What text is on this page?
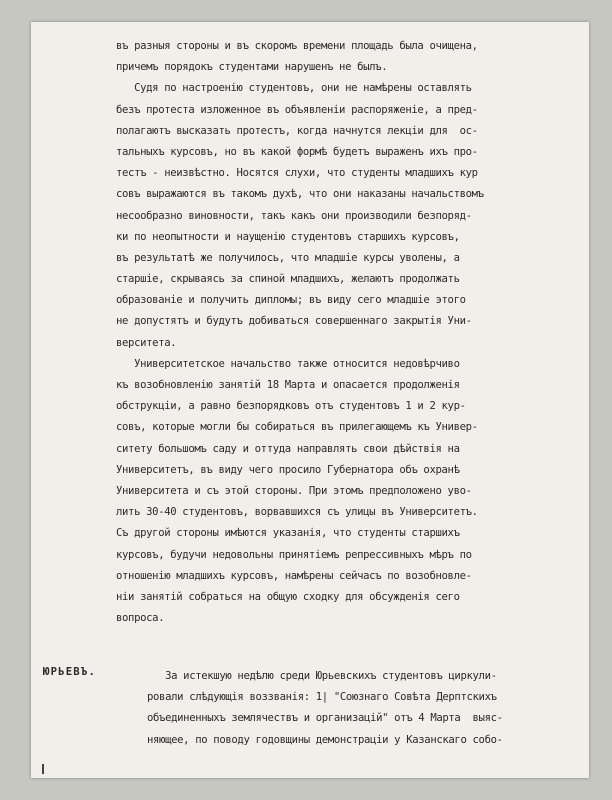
въ разныя стороны и въ скоромъ времени площадь была очищена,
причемъ порядокъ студентами нарушенъ не былъ.
Судя по настроенію студентовъ, они не намѣрены оставлять
безъ протеста изложенное въ объявленіи распоряженіе, а пред-
полагаютъ высказать протестъ, когда начнутся лекціи для  ос-
тальныхъ курсовъ, но въ какой формѣ будетъ выраженъ ихъ про-
тестъ - неизвѣстно. Носятся слухи, что студенты младшихъ кур
совъ выражаются въ такомъ духѣ, что они наказаны начальствомъ
несообразно виновности, такъ какъ они производили безпоряд-
ки по неопытности и наущенію студентовъ старшихъ курсовъ,
въ результатѣ же получилось, что младшіе курсы уволены, а
старшіе, скрываясь за спиной младшихъ, желаютъ продолжать
образованіе и получить дипломы; въ виду сего младшіе этого
не допустятъ и будутъ добиваться совершеннаго закрытія Уни-
верситета.
Университетское начальство также относится недовѣрчиво
къ возобновленію занятій 18 Марта и опасается продолженія
обструкціи, а равно безпорядковъ отъ студентовъ 1 и 2 кур-
совъ, которые могли бы собираться въ прилегающемъ къ Универ-
ситету большомъ саду и оттуда направлять свои дѣйствія на
Университетъ, въ виду чего просило Губернатора объ охранѣ
Университета и съ этой стороны. При этомъ предположено уво-
лить 30-40 студентовъ, ворвавшихся съ улицы въ Университетъ.
Съ другой стороны имѣются указанія, что студенты старшихъ
курсовъ, будучи недовольны принятіемъ репрессивныхъ мѣръ по
отношенію младшихъ курсовъ, намѣрены сейчасъ по возобновле-
ніи занятій собраться на общую сходку для обсужденія сего
вопроса.
ЮРЬЕВЪ.	За истекшую недѣлю среди Юрьевскихъ студентовъ циркули-
ровали слѣдующія воззванія: 1| "Союзнаго Совѣта Дерптскихъ
объединенныхъ землячествъ и организацій" отъ 4 Марта  выяс-
няющее, по поводу годовщины демонстраціи у Казанскаго собо-
